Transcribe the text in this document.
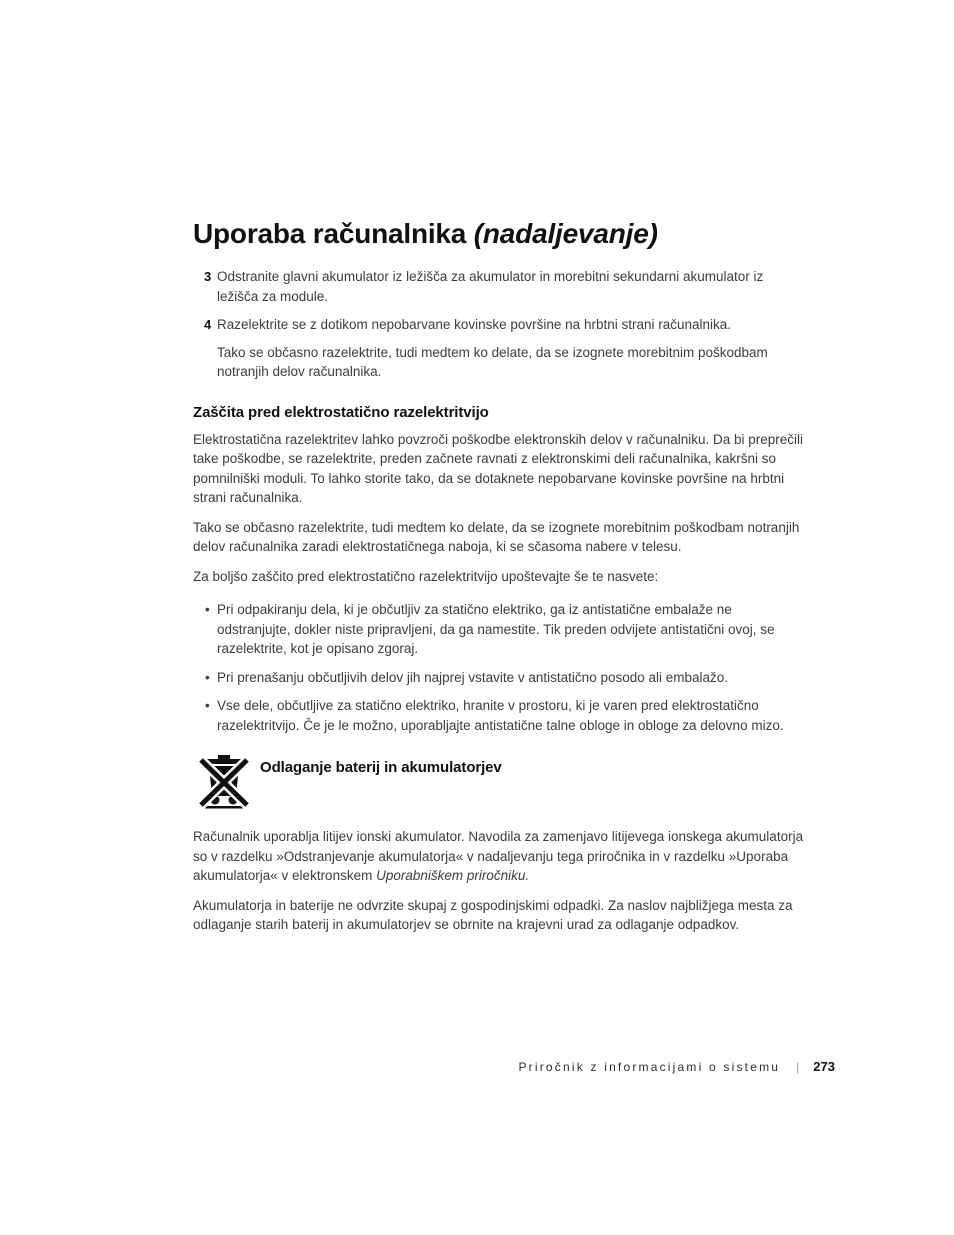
Uporaba računalnika (nadaljevanje)
3 Odstranite glavni akumulator iz ležišča za akumulator in morebitni sekundarni akumulator iz ležišča za module.

4 Razelektrite se z dotikom nepobarvane kovinske površine na hrbtni strani računalnika.

Tako se občasno razelektrite, tudi medtem ko delate, da se izognete morebitnim poškodbam notranjih delov računalnika.

Zaščita pred elektrostatično razelektritvijo

Elektrostatična razelektritev lahko povzroči poškodbe elektronskih delov v računalniku. Da bi preprečili take poškodbe, se razelektrite, preden začnete ravnati z elektronskimi deli računalnika, kakršni so pomnilniški moduli. To lahko storite tako, da se dotaknete nepobarvane kovinske površine na hrbtni strani računalnika.

Tako se občasno razelektrite, tudi medtem ko delate, da se izognete morebitnim poškodbam notranjih delov računalnika zaradi elektrostatičnega naboja, ki se sčasoma nabere v telesu.

Za boljšo zaščito pred elektrostatično razelektritvijo upoštevajte še te nasvete:

• Pri odpakiranju dela, ki je občutljiv za statično elektriko, ga iz antistatične embalaže ne odstranjujte, dokler niste pripravljeni, da ga namestite. Tik preden odvijete antistatični ovoj, se razelektrite, kot je opisano zgoraj.

• Pri prenašanju občutljivih delov jih najprej vstavite v antistatično posodo ali embalažo.

• Vse dele, občutljive za statično elektriko, hranite v prostoru, ki je varen pred elektrostatično razelektritvijo. Če je le možno, uporabljajte antistatične talne obloge in obloge za delovno mizo.

Odlaganje baterij in akumulatorjev

Računalnik uporablja litijev ionski akumulator. Navodila za zamenjavo litijevega ionskega akumulatorja so v razdelku »Odstranjevanje akumulatorja« v nadaljevanju tega priročnika in v razdelku »Uporaba akumulatorja« v elektronskem Uporabniškem priročniku.

Akumulatorja in baterije ne odvrzite skupaj z gospodinjskimi odpadki. Za naslov najbližjega mesta za odlaganje starih baterij in akumulatorjev se obrnite na krajevni urad za odlaganje odpadkov.

Priročnik z informacijami o sistemu | 273
